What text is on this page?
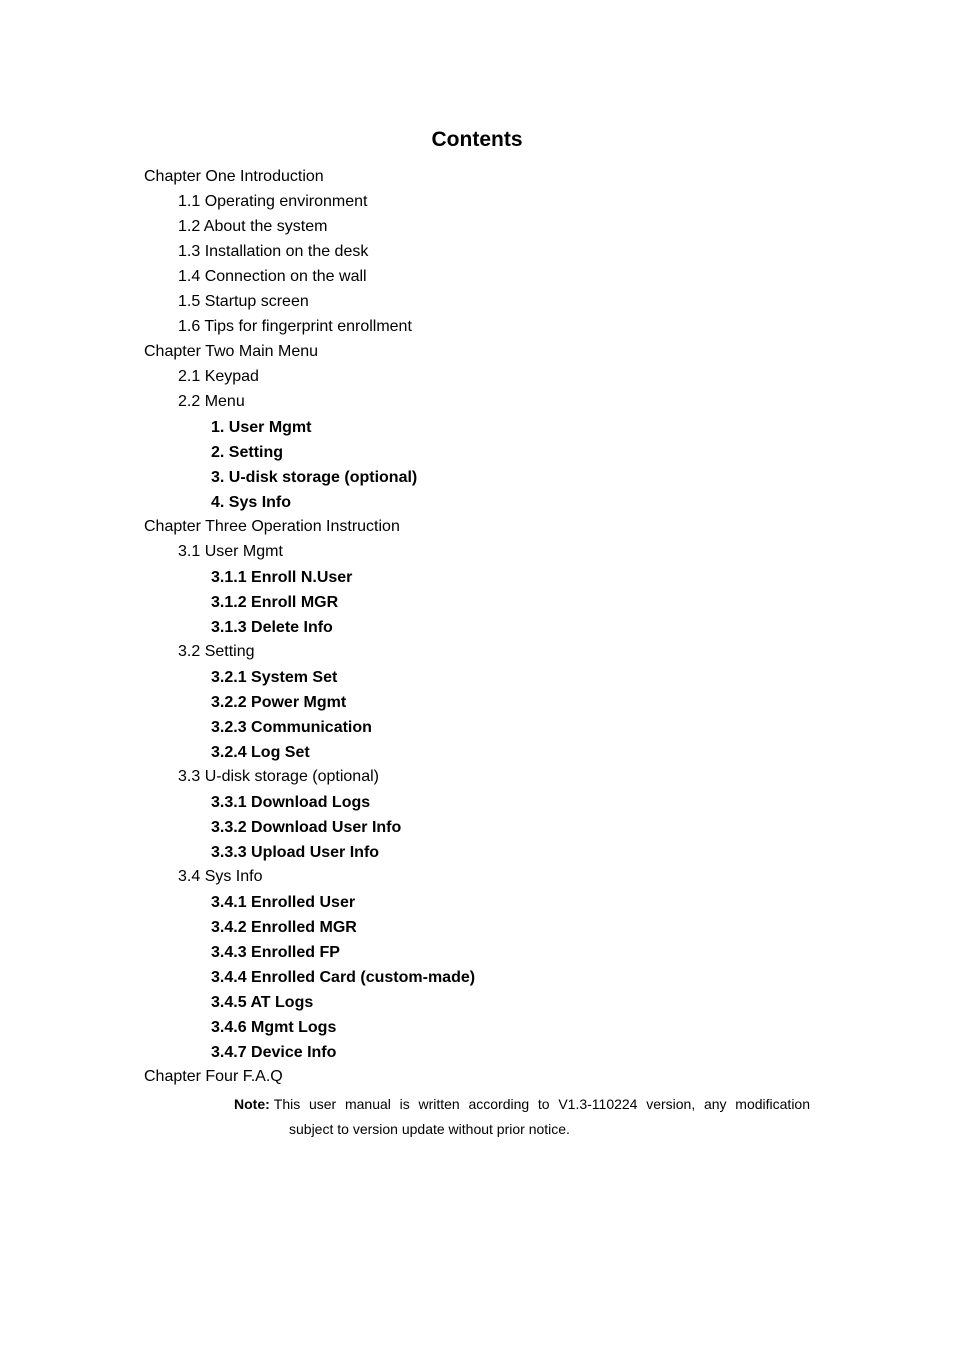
Contents
Chapter One Introduction
1.1 Operating environment
1.2 About the system
1.3 Installation on the desk
1.4 Connection on the wall
1.5 Startup screen
1.6 Tips for fingerprint enrollment
Chapter Two Main Menu
2.1 Keypad
2.2 Menu
1. User Mgmt
2. Setting
3. U-disk storage (optional)
4. Sys Info
Chapter Three Operation Instruction
3.1 User Mgmt
3.1.1 Enroll N.User
3.1.2 Enroll MGR
3.1.3 Delete Info
3.2 Setting
3.2.1 System Set
3.2.2 Power Mgmt
3.2.3 Communication
3.2.4 Log Set
3.3 U-disk storage (optional)
3.3.1 Download Logs
3.3.2 Download User Info
3.3.3 Upload User Info
3.4 Sys Info
3.4.1 Enrolled User
3.4.2 Enrolled MGR
3.4.3 Enrolled FP
3.4.4 Enrolled Card (custom-made)
3.4.5 AT Logs
3.4.6 Mgmt Logs
3.4.7 Device Info
Chapter Four F.A.Q
Note: This user manual is written according to V1.3-110224 version, any modification
subject to version update without prior notice.
